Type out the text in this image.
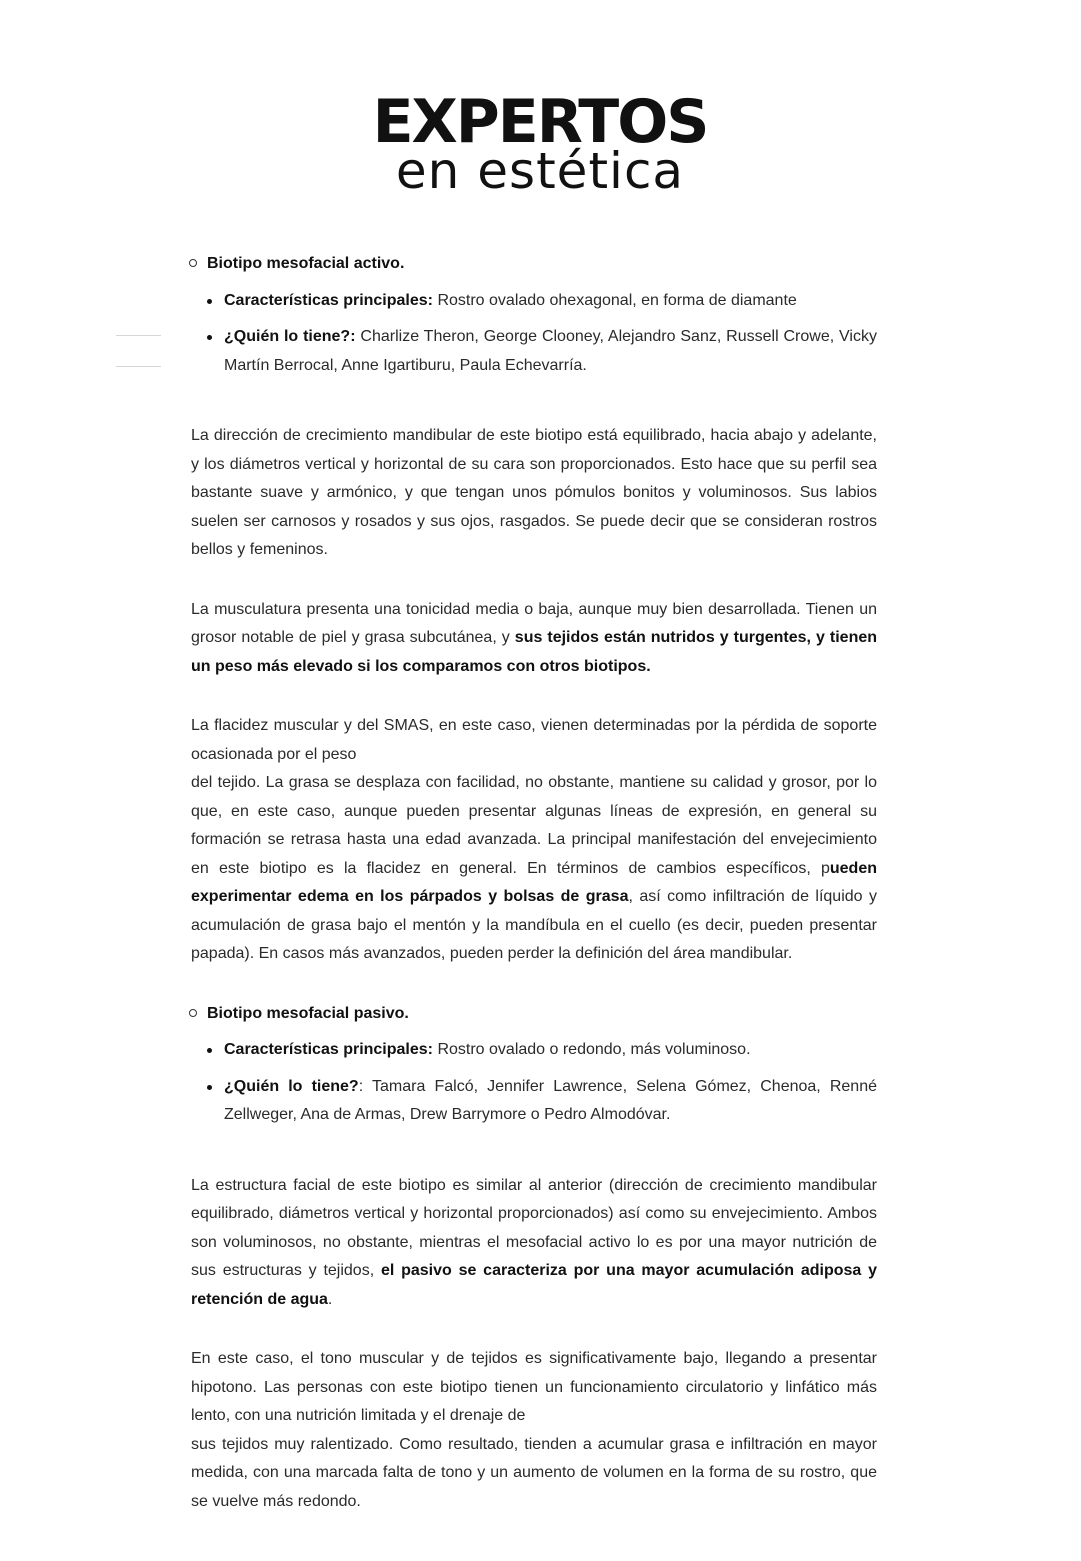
EXPERTOS
en estética
Biotipo mesofacial activo.
Características principales: Rostro ovalado ohexagonal, en forma de diamante
¿Quién lo tiene?: Charlize Theron, George Clooney, Alejandro Sanz, Russell Crowe, Vicky Martín Berrocal, Anne Igartiburu, Paula Echevarría.

La dirección de crecimiento mandibular de este biotipo está equilibrado, hacia abajo y adelante, y los diámetros vertical y horizontal de su cara son proporcionados. Esto hace que su perfil sea bastante suave y armónico, y que tengan unos pómulos bonitos y voluminosos. Sus labios suelen ser carnosos y rosados y sus ojos, rasgados. Se puede decir que se consideran rostros bellos y femeninos.

La musculatura presenta una tonicidad media o baja, aunque muy bien desarrollada. Tienen un grosor notable de piel y grasa subcutánea, y sus tejidos están nutridos y turgentes, y tienen un peso más elevado si los comparamos con otros biotipos.

La flacidez muscular y del SMAS, en este caso, vienen determinadas por la pérdida de soporte ocasionada por el peso
del tejido. La grasa se desplaza con facilidad, no obstante, mantiene su calidad y grosor, por lo que, en este caso, aunque pueden presentar algunas líneas de expresión, en general su formación se retrasa hasta una edad avanzada. La principal manifestación del envejecimiento en este biotipo es la flacidez en general. En términos de cambios específicos, pueden experimentar edema en los párpados y bolsas de grasa, así como infiltración de líquido y acumulación de grasa bajo el mentón y la mandíbula en el cuello (es decir, pueden presentar papada). En casos más avanzados, pueden perder la definición del área mandibular.

Biotipo mesofacial pasivo.
Características principales: Rostro ovalado o redondo, más voluminoso.
¿Quién lo tiene?: Tamara Falcó, Jennifer Lawrence, Selena Gómez, Chenoa, Renné Zellweger, Ana de Armas, Drew Barrymore o Pedro Almodóvar.

La estructura facial de este biotipo es similar al anterior (dirección de crecimiento mandibular equilibrado, diámetros vertical y horizontal proporcionados) así como su envejecimiento. Ambos son voluminosos, no obstante, mientras el mesofacial activo lo es por una mayor nutrición de sus estructuras y tejidos, el pasivo se caracteriza por una mayor acumulación adiposa y retención de agua.

En este caso, el tono muscular y de tejidos es significativamente bajo, llegando a presentar hipotono. Las personas con este biotipo tienen un funcionamiento circulatorio y linfático más lento, con una nutrición limitada y el drenaje de
sus tejidos muy ralentizado. Como resultado, tienden a acumular grasa e infiltración en mayor medida, con una marcada falta de tono y un aumento de volumen en la forma de su rostro, que se vuelve más redondo.
